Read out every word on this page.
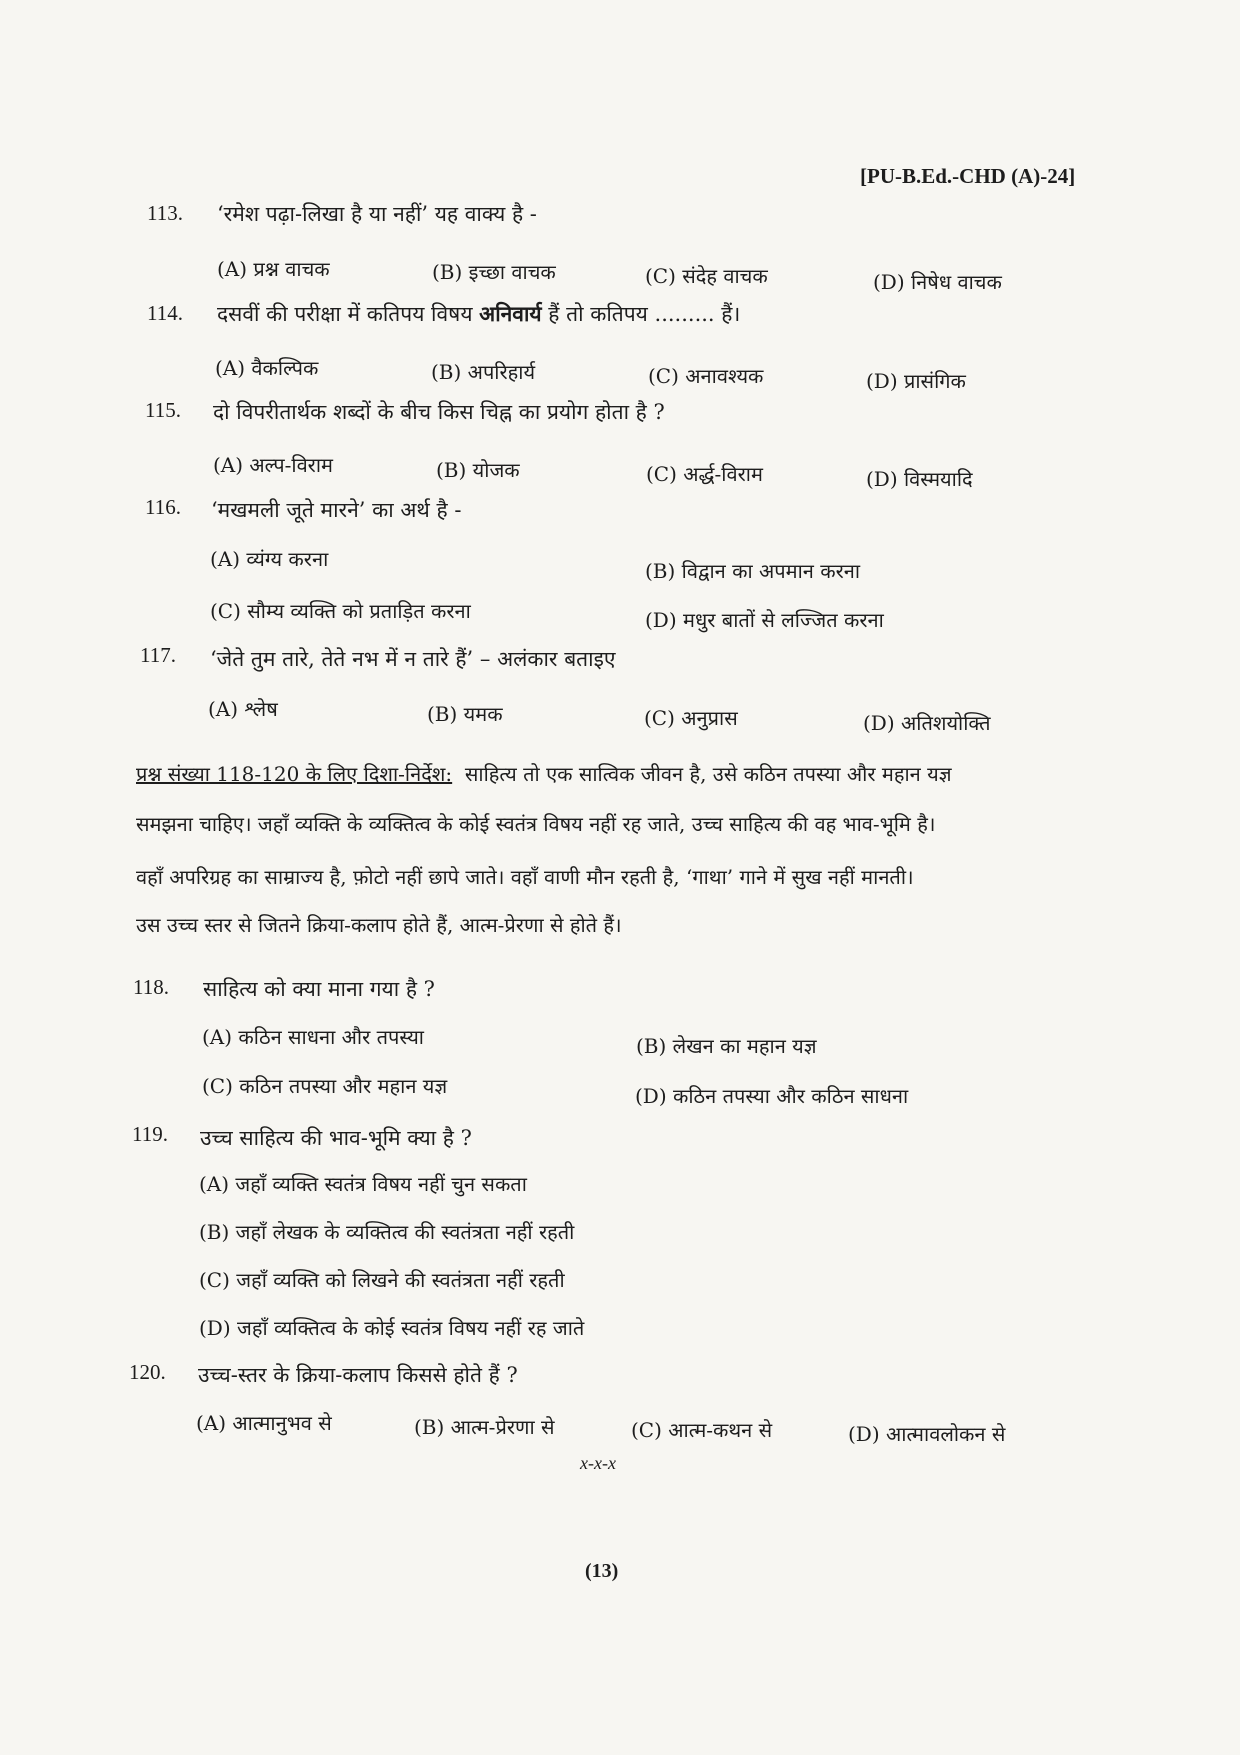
[PU-B.Ed.-CHD (A)-24]
113. ‘रमेश पढ़ा-लिखा है या नहीं’ यह वाक्य है -
(A) प्रश्न वाचक	(B) इच्छा वाचक	(C) संदेह वाचक	(D) निषेध वाचक
114. दसवीं की परीक्षा में कतिपय विषय अनिवार्य हैं तो कतिपय ......... हैं।
(A) वैकल्पिक	(B) अपरिहार्य	(C) अनावश्यक	(D) प्रासंगिक
115. दो विपरीतार्थक शब्दों के बीच किस चिह्न का प्रयोग होता है ?
(A) अल्प-विराम	(B) योजक	(C) अर्द्ध-विराम	(D) विस्मयादि
116. ‘मखमली जूते मारने’ का अर्थ है -
(A) व्यंग्य करना	(B) विद्वान का अपमान करना
(C) सौम्य व्यक्ति को प्रताड़ित करना	(D) मधुर बातों से लज्जित करना
117. ‘जेते तुम तारे, तेते नभ में न तारे हैं’ – अलंकार बताइए
(A) श्लेष	(B) यमक	(C) अनुप्रास	(D) अतिशयोक्ति
प्रश्न संख्या 118-120 के लिए दिशा-निर्देश: साहित्य तो एक सात्विक जीवन है, उसे कठिन तपस्या और महान यज्ञ
समझना चाहिए। जहाँ व्यक्ति के व्यक्तित्व के कोई स्वतंत्र विषय नहीं रह जाते, उच्च साहित्य की वह भाव-भूमि है।
वहाँ अपरिग्रह का साम्राज्य है, फ़ोटो नहीं छापे जाते। वहाँ वाणी मौन रहती है, ‘गाथा’ गाने में सुख नहीं मानती।
उस उच्च स्तर से जितने क्रिया-कलाप होते हैं, आत्म-प्रेरणा से होते हैं।
118. साहित्य को क्या माना गया है ?
(A) कठिन साधना और तपस्या	(B) लेखन का महान यज्ञ
(C) कठिन तपस्या और महान यज्ञ	(D) कठिन तपस्या और कठिन साधना
119. उच्च साहित्य की भाव-भूमि क्या है ?
(A) जहाँ व्यक्ति स्वतंत्र विषय नहीं चुन सकता
(B) जहाँ लेखक के व्यक्तित्व की स्वतंत्रता नहीं रहती
(C) जहाँ व्यक्ति को लिखने की स्वतंत्रता नहीं रहती
(D) जहाँ व्यक्तित्व के कोई स्वतंत्र विषय नहीं रह जाते
120. उच्च-स्तर के क्रिया-कलाप किससे होते हैं ?
(A) आत्मानुभव से	(B) आत्म-प्रेरणा से	(C) आत्म-कथन से	(D) आत्मावलोकन से
x-x-x
(13)
